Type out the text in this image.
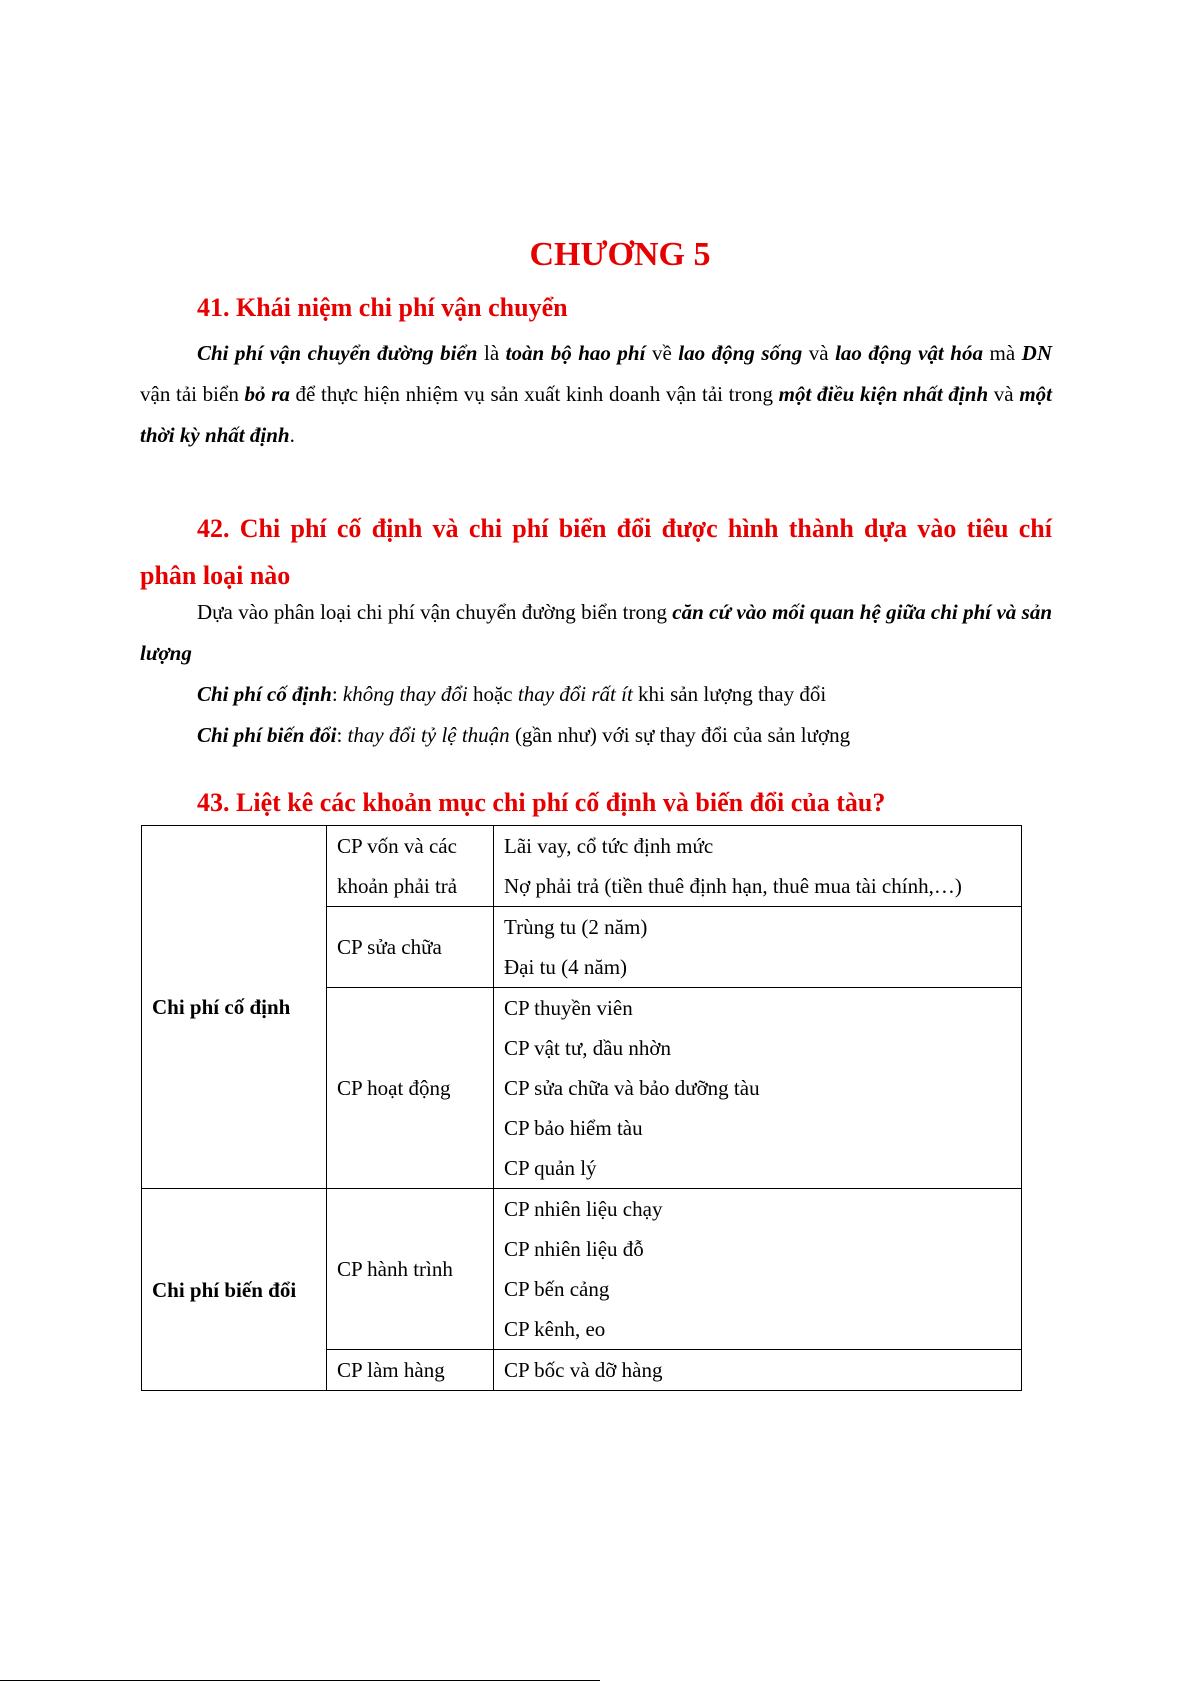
CHƯƠNG 5
41. Khái niệm chi phí vận chuyển

Chi phí vận chuyển đường biển là toàn bộ hao phí về lao động sống và lao động vật hóa mà DN vận tải biển bỏ ra để thực hiện nhiệm vụ sản xuất kinh doanh vận tải trong một điều kiện nhất định và một thời kỳ nhất định.

42. Chi phí cố định và chi phí biển đổi được hình thành dựa vào tiêu chí phân loại nào

Dựa vào phân loại chi phí vận chuyển đường biển trong căn cứ vào mối quan hệ giữa chi phí và sản lượng

Chi phí cố định: không thay đổi hoặc thay đổi rất ít khi sản lượng thay đổi

Chi phí biến đổi: thay đổi tỷ lệ thuận (gần như) với sự thay đổi của sản lượng

43. Liệt kê các khoản mục chi phí cố định và biến đổi của tàu?
Chi phí cố định	CP vốn và các khoản phải trả	Lãi vay, cổ tức định mức
Nợ phải trả (tiền thuê định hạn, thuê mua tài chính,…)

	CP sửa chữa	Trùng tu (2 năm)
Đại tu (4 năm)

	CP hoạt động	CP thuyền viên
CP vật tư, dầu nhờn
CP sửa chữa và bảo dưỡng tàu
CP bảo hiểm tàu
CP quản lý

Chi phí biến đổi	CP hành trình	CP nhiên liệu chạy
CP nhiên liệu đỗ
CP bến cảng
CP kênh, eo

	CP làm hàng	CP bốc và dỡ hàng
